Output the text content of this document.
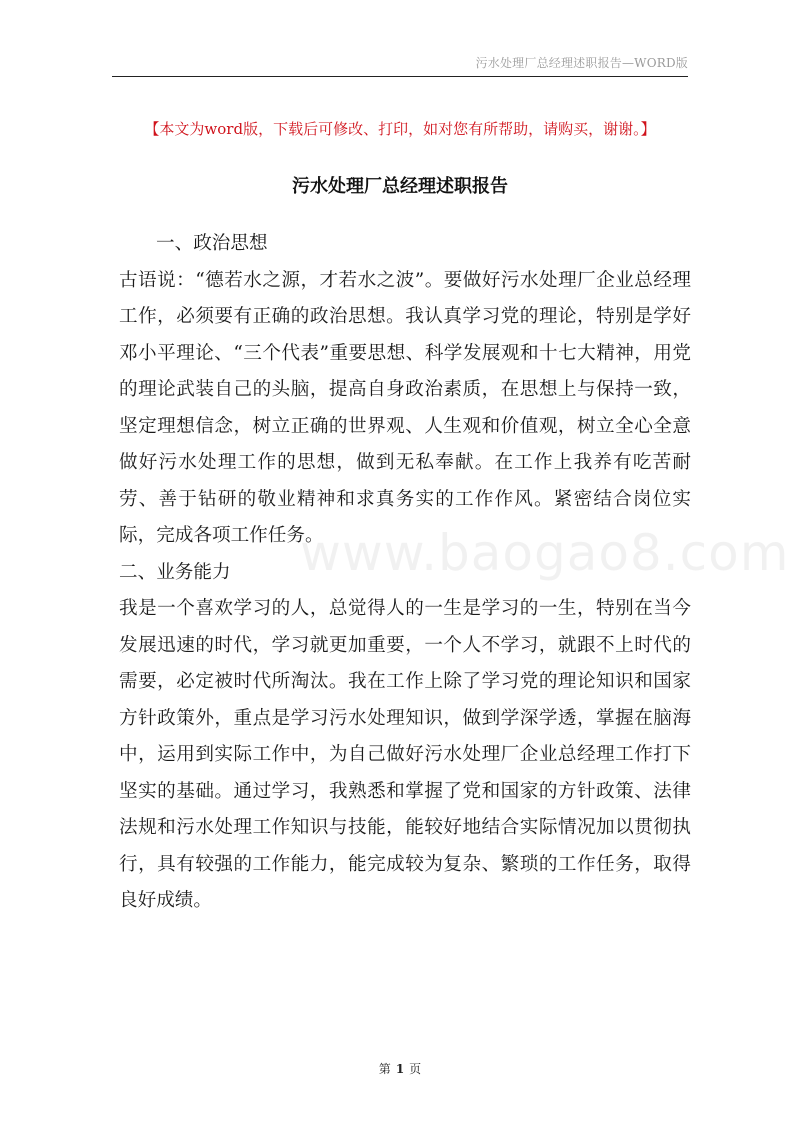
污水处理厂总经理述职报告—WORD版
【本文为word版，下载后可修改、打印，如对您有所帮助，请购买，谢谢。】
污水处理厂总经理述职报告
www.baogao8.com

一、政治思想

古语说：“德若水之源，才若水之波”。要做好污水处理厂企业总经理工作，必须要有正确的政治思想。我认真学习党的理论，特别是学好邓小平理论、“三个代表”重要思想、科学发展观和十七大精神，用党的理论武装自己的头脑，提高自身政治素质，在思想上与保持一致，坚定理想信念，树立正确的世界观、人生观和价值观，树立全心全意做好污水处理工作的思想，做到无私奉献。在工作上我养有吃苦耐劳、善于钻研的敬业精神和求真务实的工作作风。紧密结合岗位实际，完成各项工作任务。

二、业务能力

我是一个喜欢学习的人，总觉得人的一生是学习的一生，特别在当今发展迅速的时代，学习就更加重要，一个人不学习，就跟不上时代的需要，必定被时代所淘汰。我在工作上除了学习党的理论知识和国家方针政策外，重点是学习污水处理知识，做到学深学透，掌握在脑海中，运用到实际工作中，为自己做好污水处理厂企业总经理工作打下坚实的基础。通过学习，我熟悉和掌握了党和国家的方针政策、法律法规和污水处理工作知识与技能，能较好地结合实际情况加以贯彻执行，具有较强的工作能力，能完成较为复杂、繁琐的工作任务，取得良好成绩。

第 1 页
